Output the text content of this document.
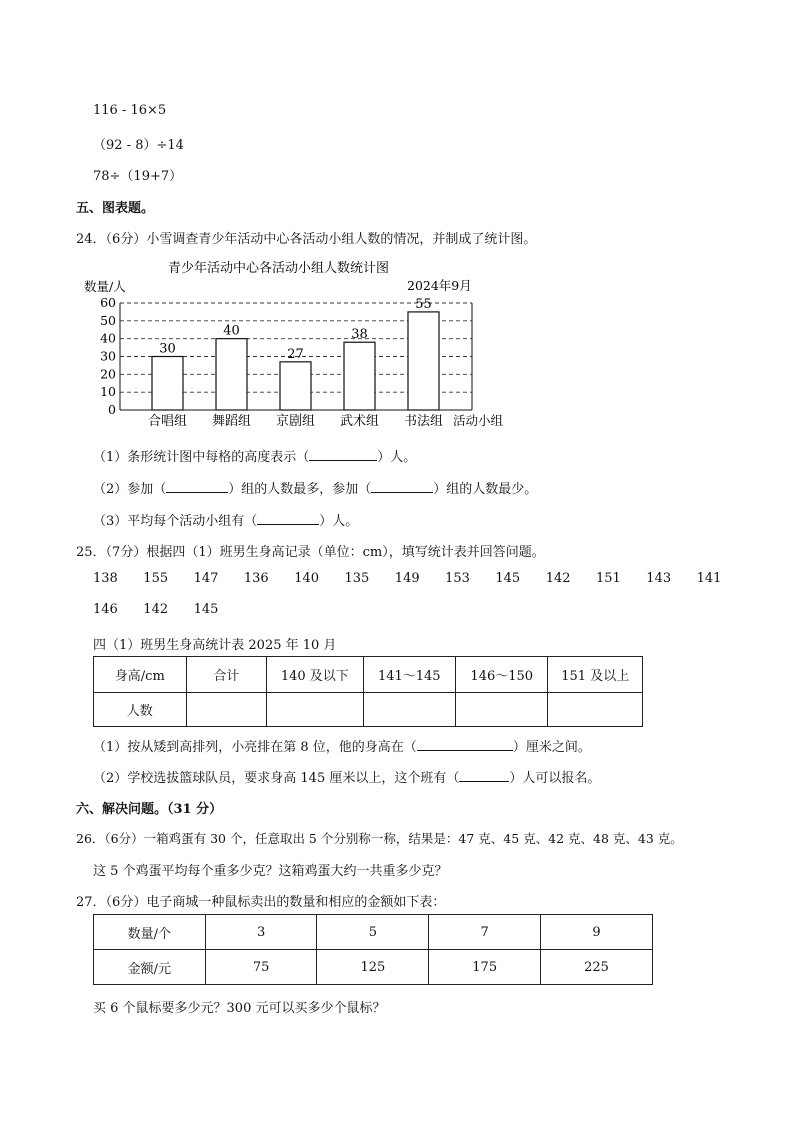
116 - 16×5
（92 - 8）÷14
78÷（19+7）
五、图表题。
24．（6分）小雪调查青少年活动中心各活动小组人数的情况，并制成了统计图。
青少年活动中心各活动小组人数统计图
2024年9月
数量/人
活动小组
0
10
20
30
40
50
60
30
40
27
38
55
合唱组 舞蹈组 京剧组 武术组 书法组
（1）条形统计图中每格的高度表示（	）人。
（2）参加（	）组的人数最多，参加（	）组的人数最少。
（3）平均每个活动小组有（	）人。
25．（7分）根据四（1）班男生身高记录（单位：cm），填写统计表并回答问题。
138 155 147 136 140 135 149 153 145 142 151 143 141
146 142 145
四（1）班男生身高统计表 2025 年 10 月
身高/cm	合计	140 及以下	141～145	146～150	151 及以上
人数					
（1）按从矮到高排列，小亮排在第 8 位，他的身高在（	）厘米之间。
（2）学校选拔篮球队员，要求身高 145 厘米以上，这个班有（	）人可以报名。
六、解决问题。（31 分）
26．（6分）一箱鸡蛋有 30 个，任意取出 5 个分别称一称，结果是：47 克、45 克、42 克、48 克、43 克。
这 5 个鸡蛋平均每个重多少克？这箱鸡蛋大约一共重多少克？
27．（6分）电子商城一种鼠标卖出的数量和相应的金额如下表：
数量/个	3	5	7	9
金额/元	75	125	175	225
买 6 个鼠标要多少元？300 元可以买多少个鼠标？
